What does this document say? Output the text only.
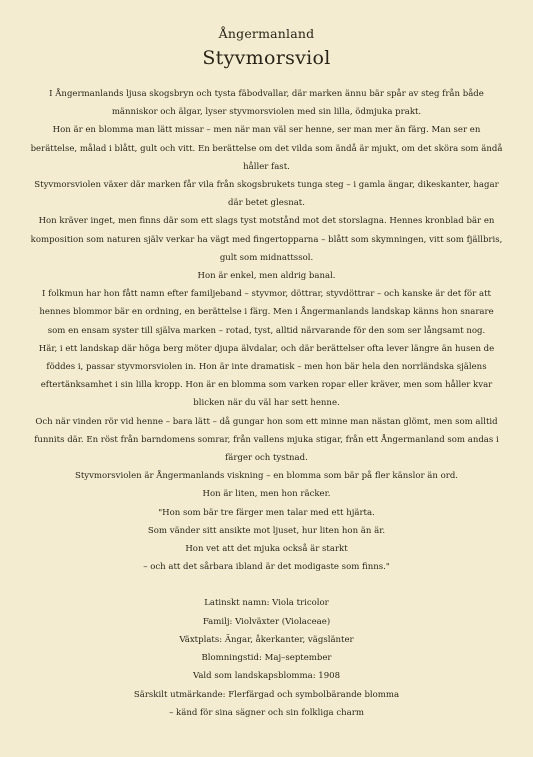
Ångermanland
Styvmorsviol

I Ångermanlands ljusa skogsbryn och tysta fäbodvallar, där marken ännu bär spår av steg från både människor och älgar, lyser styvmorsviolen med sin lilla, ödmjuka prakt.

Hon är en blomma man lätt missar – men när man väl ser henne, ser man mer än färg. Man ser en berättelse, målad i blått, gult och vitt. En berättelse om det vilda som ändå är mjukt, om det sköra som ändå håller fast.

Styvmorsviolen växer där marken får vila från skogsbrukets tunga steg – i gamla ängar, dikeskanter, hagar där betet glesnat.

Hon kräver inget, men finns där som ett slags tyst motstånd mot det storslagna. Hennes kronblad bär en komposition som naturen själv verkar ha vägt med fingertopparna – blått som skymningen, vitt som fjällbris, gult som midnattssol.

Hon är enkel, men aldrig banal.

I folkmun har hon fått namn efter familjeband – styvmor, döttrar, styvdöttrar – och kanske är det för att hennes blommor bär en ordning, en berättelse i färg. Men i Ångermanlands landskap känns hon snarare som en ensam syster till själva marken – rotad, tyst, alltid närvarande för den som ser långsamt nog.

Här, i ett landskap där höga berg möter djupa älvdalar, och där berättelser ofta lever längre än husen de föddes i, passar styvmorsviolen in. Hon är inte dramatisk – men hon bär hela den norrländska själens eftertänksamhet i sin lilla kropp. Hon är en blomma som varken ropar eller kräver, men som håller kvar blicken när du väl har sett henne.

Och när vinden rör vid henne – bara lätt – då gungar hon som ett minne man nästan glömt, men som alltid funnits där. En röst från barndomens somrar, från vallens mjuka stigar, från ett Ångermanland som andas i färger och tystnad.

Styvmorsviolen är Ångermanlands viskning – en blomma som bär på fler känslor än ord.

Hon är liten, men hon räcker.

"Hon som bär tre färger men talar med ett hjärta.

Som vänder sitt ansikte mot ljuset, hur liten hon än är.

Hon vet att det mjuka också är starkt

– och att det sårbara ibland är det modigaste som finns."

Latinskt namn: Viola tricolor

Familj: Violväxter (Violaceae)

Växtplats: Ängar, åkerkanter, vägslänter

Blomningstid: Maj–september

Vald som landskapsblomma: 1908

Särskilt utmärkande: Flerfärgad och symbolbärande blomma

– känd för sina sägner och sin folkliga charm
